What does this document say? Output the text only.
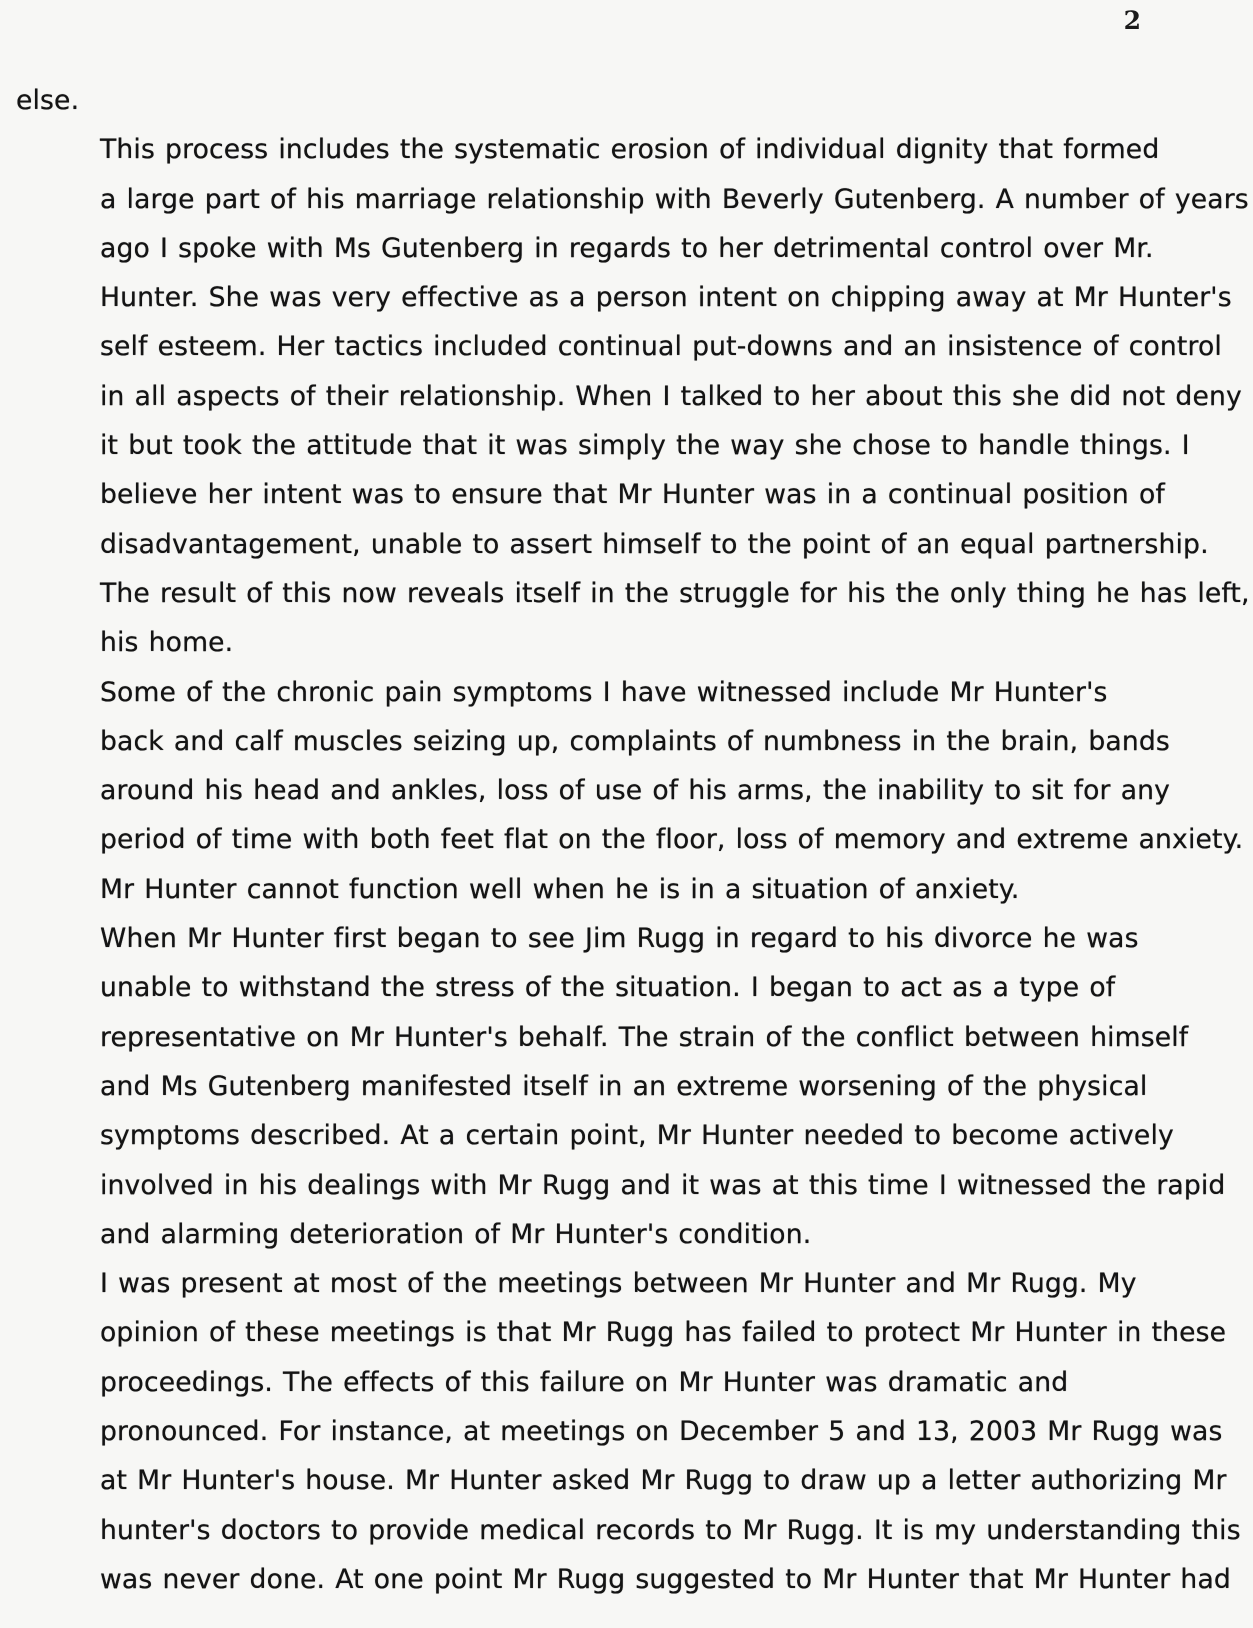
2

else.

This process includes the systematic erosion of individual dignity that formed
a large part of his marriage relationship with Beverly Gutenberg. A number of years
ago I spoke with Ms Gutenberg in regards to her detrimental control over Mr.
Hunter. She was very effective as a person intent on chipping away at Mr Hunter's
self esteem. Her tactics included continual put-downs and an insistence of control
in all aspects of their relationship. When I talked to her about this she did not deny
it but took the attitude that it was simply the way she chose to handle things. I
believe her intent was to ensure that Mr Hunter was in a continual position of
disadvantagement, unable to assert himself to the point of an equal partnership.
The result of this now reveals itself in the struggle for his the only thing he has left,
his home.

Some of the chronic pain symptoms I have witnessed include Mr Hunter's
back and calf muscles seizing up, complaints of numbness in the brain, bands
around his head and ankles, loss of use of his arms, the inability to sit for any
period of time with both feet flat on the floor, loss of memory and extreme anxiety.
Mr Hunter cannot function well when he is in a situation of anxiety.

When Mr Hunter first began to see Jim Rugg in regard to his divorce he was
unable to withstand the stress of the situation. I began to act as a type of
representative on Mr Hunter's behalf. The strain of the conflict between himself
and Ms Gutenberg manifested itself in an extreme worsening of the physical
symptoms described. At a certain point, Mr Hunter needed to become actively
involved in his dealings with Mr Rugg and it was at this time I witnessed the rapid
and alarming deterioration of Mr Hunter's condition.

I was present at most of the meetings between Mr Hunter and Mr Rugg. My
opinion of these meetings is that Mr Rugg has failed to protect Mr Hunter in these
proceedings. The effects of this failure on Mr Hunter was dramatic and
pronounced. For instance, at meetings on December 5 and 13, 2003 Mr Rugg was
at Mr Hunter's house. Mr Hunter asked Mr Rugg to draw up a letter authorizing Mr
hunter's doctors to provide medical records to Mr Rugg. It is my understanding this
was never done. At one point Mr Rugg suggested to Mr Hunter that Mr Hunter had
